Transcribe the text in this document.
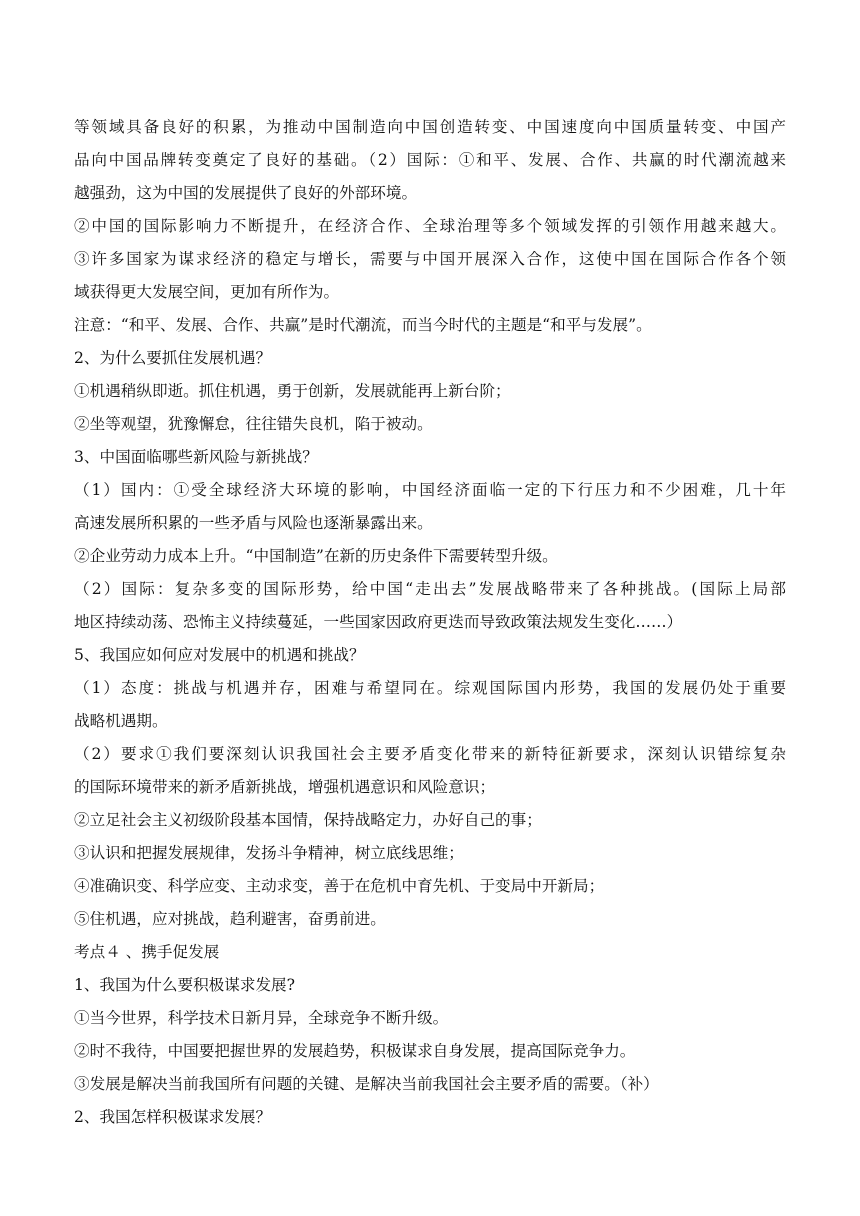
等领域具备良好的积累，为推动中国制造向中国创造转变、中国速度向中国质量转变、中国产
品向中国品牌转变奠定了良好的基础。（2）国际：①和平、发展、合作、共赢的时代潮流越来
越强劲，这为中国的发展提供了良好的外部环境。
②中国的国际影响力不断提升，在经济合作、全球治理等多个领域发挥的引领作用越来越大。
③许多国家为谋求经济的稳定与增长，需要与中国开展深入合作，这使中国在国际合作各个领
域获得更大发展空间，更加有所作为。
注意：“和平、发展、合作、共赢”是时代潮流，而当今时代的主题是“和平与发展”。
2、为什么要抓住发展机遇？
①机遇稍纵即逝。抓住机遇，勇于创新，发展就能再上新台阶；
②坐等观望，犹豫懈怠，往往错失良机，陷于被动。
3、中国面临哪些新风险与新挑战？
（1）国内：①受全球经济大环境的影响，中国经济面临一定的下行压力和不少困难，几十年
高速发展所积累的一些矛盾与风险也逐渐暴露出来。
②企业劳动力成本上升。“中国制造”在新的历史条件下需要转型升级。
（2）国际：复杂多变的国际形势，给中国“走出去”发展战略带来了各种挑战。(国际上局部
地区持续动荡、恐怖主义持续蔓延，一些国家因政府更迭而导致政策法规发生变化……）
5、我国应如何应对发展中的机遇和挑战？
（1）态度：挑战与机遇并存，困难与希望同在。综观国际国内形势，我国的发展仍处于重要
战略机遇期。
（2）要求①我们要深刻认识我国社会主要矛盾变化带来的新特征新要求，深刻认识错综复杂
的国际环境带来的新矛盾新挑战，增强机遇意识和风险意识；
②立足社会主义初级阶段基本国情，保持战略定力，办好自己的事；
③认识和把握发展规律，发扬斗争精神，树立底线思维；
④准确识变、科学应变、主动求变，善于在危机中育先机、于变局中开新局；
⑤住机遇，应对挑战，趋利避害，奋勇前进。
考点４ 、携手促发展
1、我国为什么要积极谋求发展?
①当今世界，科学技术日新月异，全球竞争不断升级。
②时不我待，中国要把握世界的发展趋势，积极谋求自身发展，提高国际竞争力。
③发展是解决当前我国所有问题的关键、是解决当前我国社会主要矛盾的需要。（补）
2、我国怎样积极谋求发展？
